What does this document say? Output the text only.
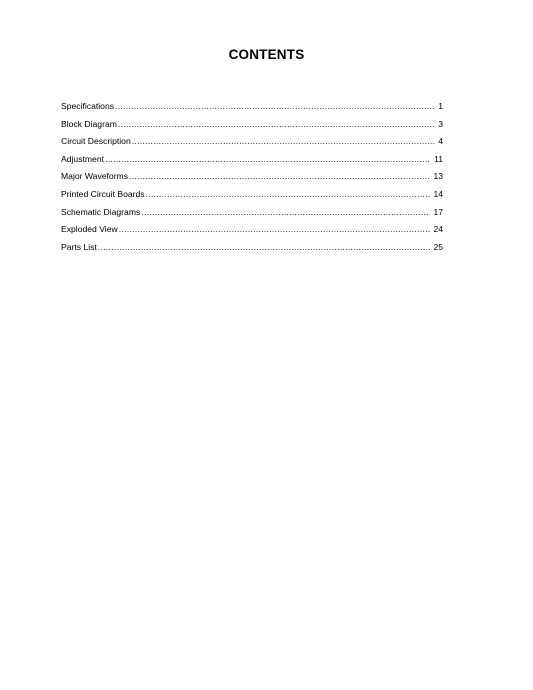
CONTENTS
Specifications .....	1
Block Diagram .....	3
Circuit Description .....	4
Adjustment .....	11
Major Waveforms .....	13
Printed Circuit Boards .....	14
Schematic Diagrams .....	17
Exploded View .....	24
Parts List .....	25
